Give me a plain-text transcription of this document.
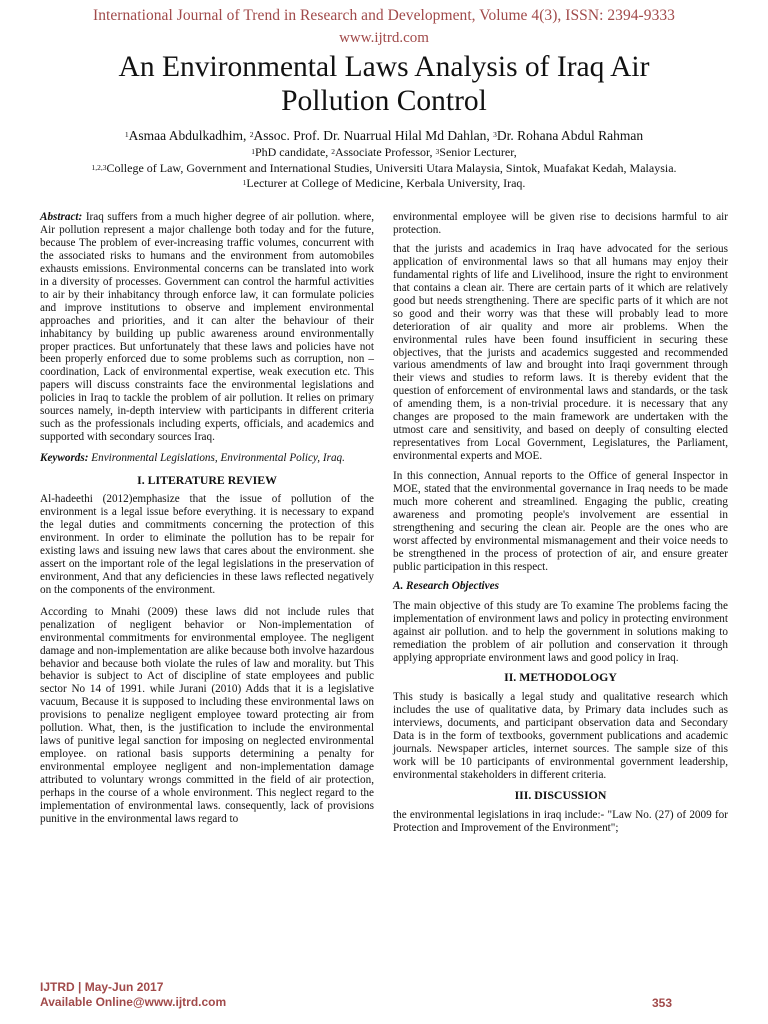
International Journal of Trend in Research and Development, Volume 4(3), ISSN: 2394-9333
www.ijtrd.com
An Environmental Laws Analysis of Iraq Air
Pollution Control
$^1$Asmaa Abdulkadhim, $^2$Assoc. Prof. Dr. Nuarrual Hilal Md Dahlan, $^3$Dr. Rohana Abdul Rahman
$^1$PhD candidate, $^2$Associate Professor, $^3$Senior Lecturer,
$^{1,2,3}$College of Law, Government and International Studies, Universiti Utara Malaysia, Sintok, Muafakat Kedah, Malaysia.
$^1$Lecturer at College of Medicine, Kerbala University, Iraq.

Abstract: Iraq suffers from a much higher degree of air pollution. where, Air pollution represent a major challenge both today and for the future, because The problem of ever-increasing traffic volumes, concurrent with the associated risks to humans and the environment from automobiles exhausts emissions. Environmental concerns can be translated into work in a diversity of processes. Government can control the harmful activities to air by their inhabitancy through enforce law, it can formulate policies and improve institutions to observe and implement environmental approaches and priorities, and it can alter the behaviour of their inhabitancy by building up public awareness around environmentally proper practices. But unfortunately that these laws and policies have not been properly enforced due to some problems such as corruption, non – coordination, Lack of environmental expertise, weak execution etc. This papers will discuss constraints face the environmental legislations and policies in Iraq to tackle the problem of air pollution. It relies on primary sources namely, in-depth interview with participants in different criteria such as the professionals including experts, officials, and academics and supported with secondary sources Iraq.

Keywords: Environmental Legislations, Environmental Policy, Iraq.

I. LITERATURE REVIEW

Al-hadeethi (2012)emphasize that the issue of pollution of the environment is a legal issue before everything. it is necessary to expand the legal duties and commitments concerning the protection of this environment. In order to eliminate the pollution has to be repair for existing laws and issuing new laws that cares about the environment. she assert on the important role of the legal legislations in the preservation of environment, And that any deficiencies in these laws reflected negatively on the components of the environment.

According to Mnahi (2009) these laws did not include rules that penalization of negligent behavior or Non-implementation of environmental commitments for environmental employee. The negligent damage and non-implementation are alike because both involve hazardous behavior and because both violate the rules of law and morality. but This behavior is subject to Act of discipline of state employees and public sector No 14 of 1991. while Jurani (2010) Adds that it is a legislative vacuum, Because it is supposed to including these environmental laws on provisions to penalize negligent employee toward protecting air from pollution. What, then, is the justification to include the environmental laws of punitive legal sanction for imposing on neglected environmental employee. on rational basis supports determining a penalty for environmental employee negligent and non-implementation damage attributed to voluntary wrongs committed in the field of air protection, perhaps in the course of a whole environment. This neglect regard to the implementation of environmental laws. consequently, lack of provisions punitive in the environmental laws regard to

environmental employee will be given rise to decisions harmful to air protection.

that the jurists and academics in Iraq have advocated for the serious application of environmental laws so that all humans may enjoy their fundamental rights of life and Livelihood, insure the right to environment that contains a clean air. There are certain parts of it which are relatively good but needs strengthening. There are specific parts of it which are not so good and their worry was that these will probably lead to more deterioration of air quality and more air problems. When the environmental rules have been found insufficient in securing these objectives, that the jurists and academics suggested and recommended various amendments of law and brought into Iraqi government through their views and studies to reform laws. It is thereby evident that the question of enforcement of environmental laws and standards, or the task of amending them, is a non-trivial procedure. it is necessary that any changes are proposed to the main framework are undertaken with the utmost care and sensitivity, and based on deeply of consulting elected representatives from Local Government, Legislatures, the Parliament, environmental experts and MOE.

In this connection, Annual reports to the Office of general Inspector in MOE, stated that the environmental governance in Iraq needs to be made much more coherent and streamlined. Engaging the public, creating awareness and promoting people's involvement are essential in strengthening and securing the clean air. People are the ones who are worst affected by environmental mismanagement and their voice needs to be strengthened in the process of protection of air, and ensure greater public participation in this respect.

A. Research Objectives

The main objective of this study are To examine The problems facing the implementation of environment laws and policy in protecting environment against air pollution. and to help the government in solutions making to remediation the problem of air pollution and conservation it through applying appropriate environment laws and good policy in Iraq.

II. METHODOLOGY

This study is basically a legal study and qualitative research which includes the use of qualitative data, by Primary data includes such as interviews, documents, and participant observation data and Secondary Data is in the form of textbooks, government publications and academic journals. Newspaper articles, internet sources. The sample size of this work will be 10 participants of environmental government leadership, environmental stakeholders in different criteria.

III. DISCUSSION

the environmental legislations in iraq include:- "Law No. (27) of 2009 for Protection and Improvement of the Environment";

IJTRD | May-Jun 2017
Available Online@www.ijtrd.com	353
